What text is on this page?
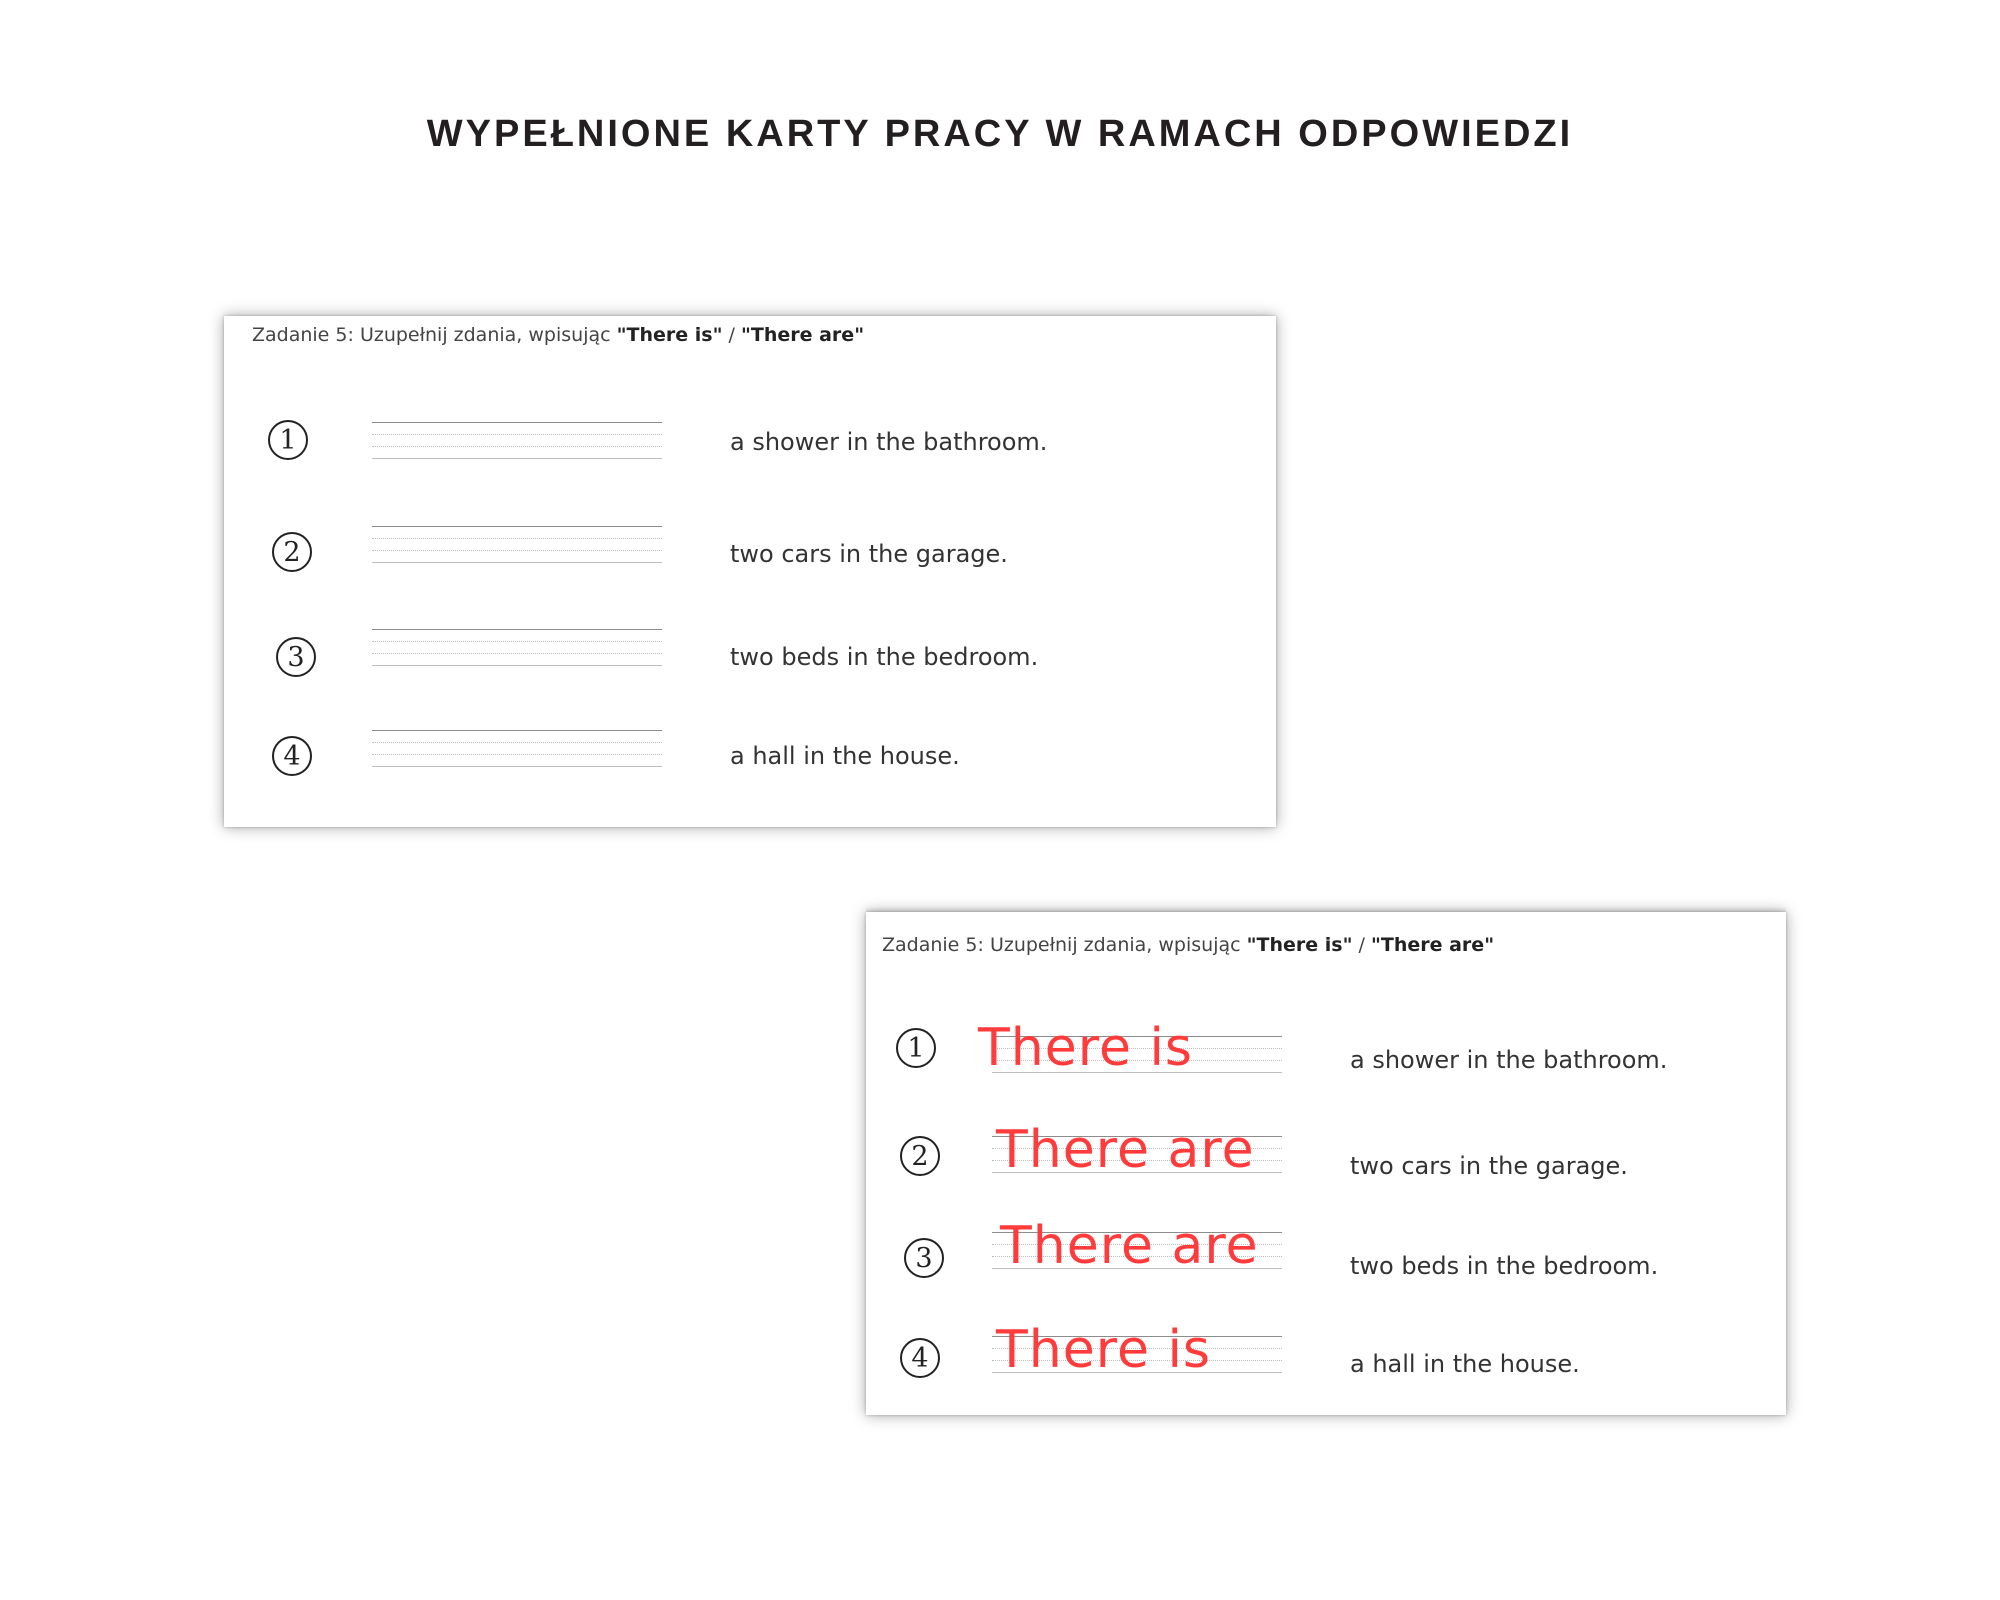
WYPEŁNIONE KARTY PRACY W RAMACH ODPOWIEDZI
Zadanie 5: Uzupełnij zdania, wpisując "There is" / "There are"
1	a shower in the bathroom.
2	two cars in the garage.
3	two beds in the bedroom.
4	a hall in the house.
Zadanie 5: Uzupełnij zdania, wpisując "There is" / "There are"
1 There is	a shower in the bathroom.
2 There are	two cars in the garage.
3 There are	two beds in the bedroom.
4 There is	a hall in the house.
